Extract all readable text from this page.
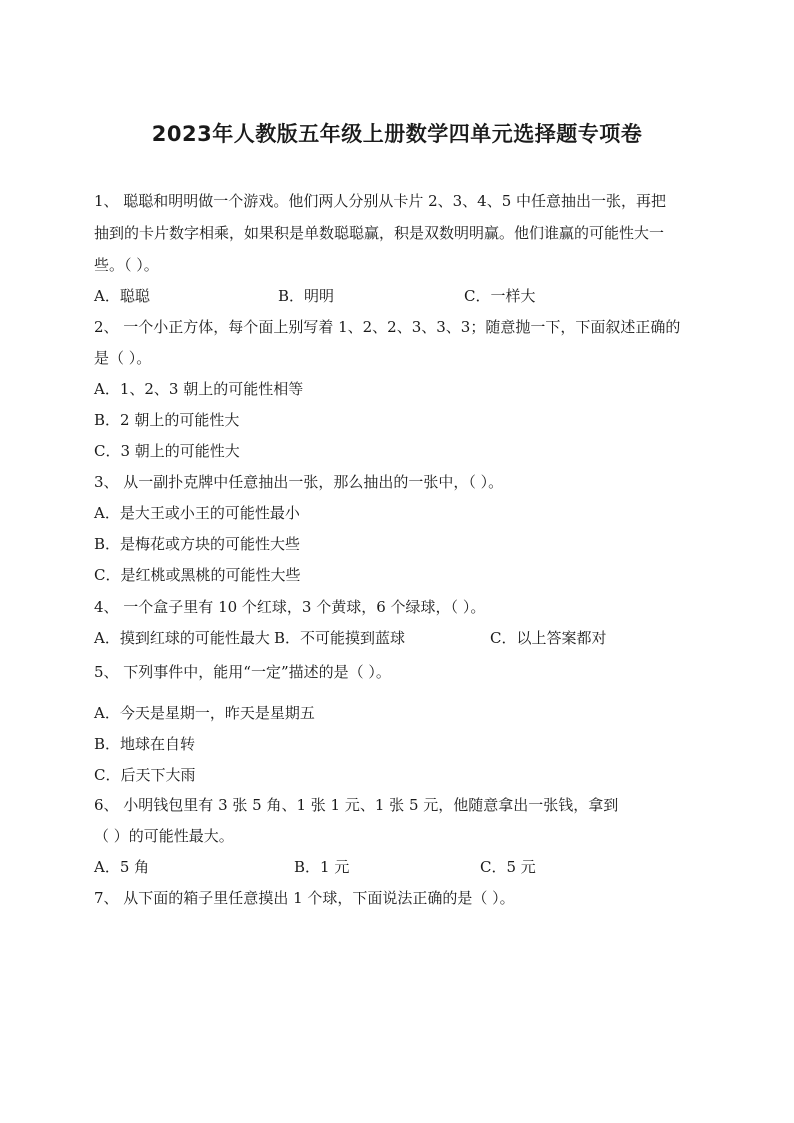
2023年人教版五年级上册数学四单元选择题专项卷
1、 聪聪和明明做一个游戏。他们两人分别从卡片 2、3、4、5 中任意抽出一张，再把
抽到的卡片数字相乘，如果积是单数聪聪赢，积是双数明明赢。他们谁赢的可能性大一
些。（ ）。
A．聪聪	B．明明	C．一样大
2、 一个小正方体，每个面上别写着 1、2、2、3、3、3；随意抛一下，下面叙述正确的
是（ ）。
A．1、2、3 朝上的可能性相等
B．2 朝上的可能性大
C．3 朝上的可能性大
3、 从一副扑克牌中任意抽出一张，那么抽出的一张中，（ ）。
A．是大王或小王的可能性最小
B．是梅花或方块的可能性大些
C．是红桃或黑桃的可能性大些
4、 一个盒子里有 10 个红球，3 个黄球，6 个绿球，（ ）。
A．摸到红球的可能性最大 B．不可能摸到蓝球	C．以上答案都对
5、 下列事件中，能用“一定”描述的是（ ）。
A．今天是星期一，昨天是星期五
B．地球在自转
C．后天下大雨
6、 小明钱包里有 3 张 5 角、1 张 1 元、1 张 5 元，他随意拿出一张钱，拿到
（ ）的可能性最大。
A．5 角	B．1 元	C．5 元
7、 从下面的箱子里任意摸出 1 个球，下面说法正确的是（ ）。
